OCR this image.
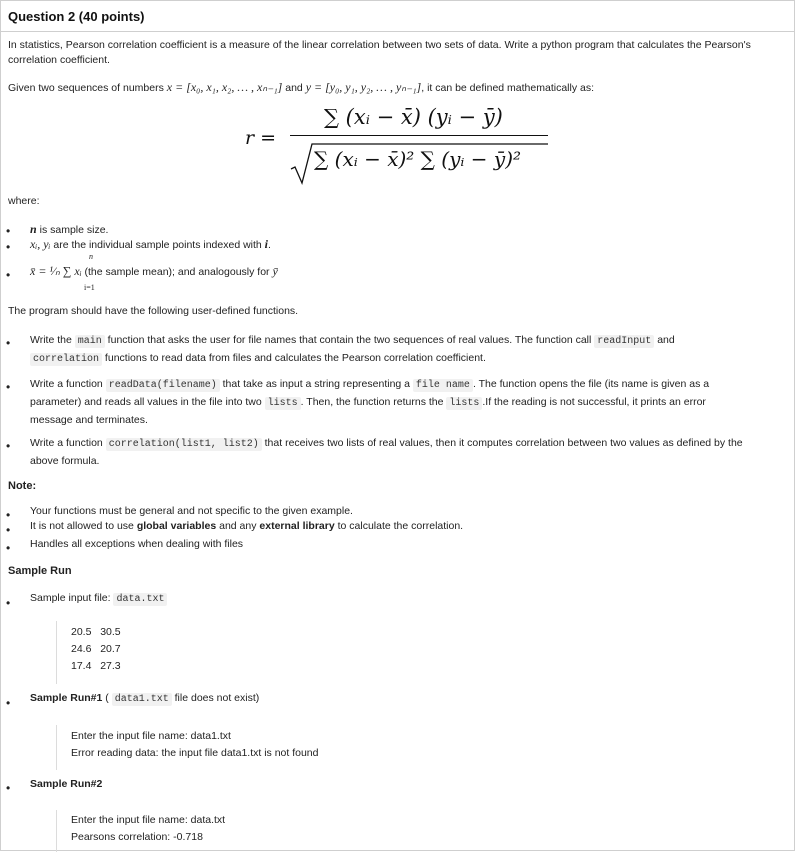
Question 2 (40 points)
In statistics, Pearson correlation coefficient is a measure of the linear correlation between two sets of data. Write a python program that calculates the Pearson's correlation coefficient.
Given two sequences of numbers x = [x₀, x₁, x₂, … , xₙ₋₁] and y = [y₀, y₁, y₂, … , yₙ₋₁], it can be defined mathematically as:
r =
∑ (xᵢ − x̄) (yᵢ − ȳ)
∑ (xᵢ − x̄)² ∑ (yᵢ − ȳ)²
where:
• n is sample size.
• xᵢ, yᵢ are the individual sample points indexed with i.
• x̄ = ¹⁄ₙ ∑ xᵢ (the sample mean); and analogously for ȳ
n
i=1
The program should have the following user-defined functions.
• Write the main function that asks the user for file names that contain the two sequences of real values. The function call readInput and
correlation functions to read data from files and calculates the Pearson correlation coefficient.
• Write a function readData(filename) that take as input a string representing a file name . The function opens the file (its name is given as a
parameter) and reads all values in the file into two lists . Then, the function returns the lists .If the reading is not successful, it prints an error
message and terminates.
• Write a function correlation(list1, list2) that receives two lists of real values, then it computes correlation between two values as defined by the
above formula.
Note:
• Your functions must be general and not specific to the given example.
• It is not allowed to use global variables and any external library to calculate the correlation.
• Handles all exceptions when dealing with files
Sample Run
• Sample input file: data.txt
20.5 30.5
24.6 20.7
17.4 27.3
• Sample Run#1 ( data1.txt file does not exist)
Enter the input file name: data1.txt
Error reading data: the input file data1.txt is not found
• Sample Run#2
Enter the input file name: data.txt
Pearsons correlation: -0.718
